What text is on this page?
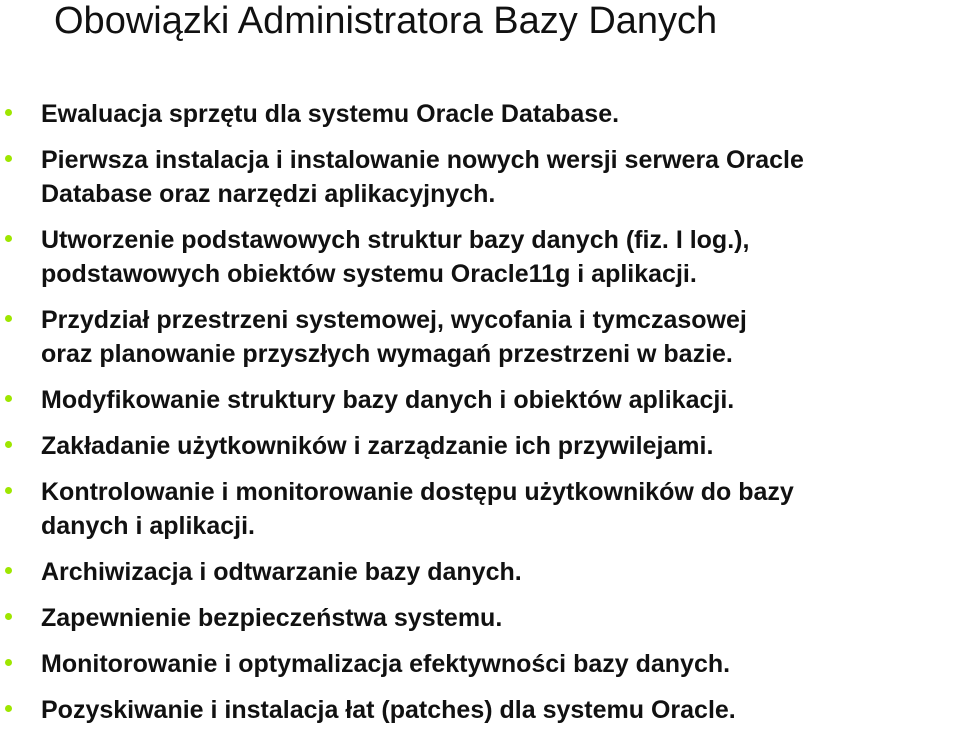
Obowiązki Administratora Bazy Danych
Ewaluacja sprzętu dla systemu Oracle Database.
Pierwsza instalacja i instalowanie nowych wersji serwera Oracle
Database oraz narzędzi aplikacyjnych.
Utworzenie podstawowych struktur bazy danych (fiz. I log.),
podstawowych obiektów systemu Oracle11g i aplikacji.
Przydział przestrzeni systemowej, wycofania i tymczasowej
oraz planowanie przyszłych wymagań przestrzeni w bazie.
Modyfikowanie struktury bazy danych i obiektów aplikacji.
Zakładanie użytkowników i zarządzanie ich przywilejami.
Kontrolowanie i monitorowanie dostępu użytkowników do bazy
danych i aplikacji.
Archiwizacja i odtwarzanie bazy danych.
Zapewnienie bezpieczeństwa systemu.
Monitorowanie i optymalizacja efektywności bazy danych.
Pozyskiwanie i instalacja łat (patches) dla systemu Oracle.
